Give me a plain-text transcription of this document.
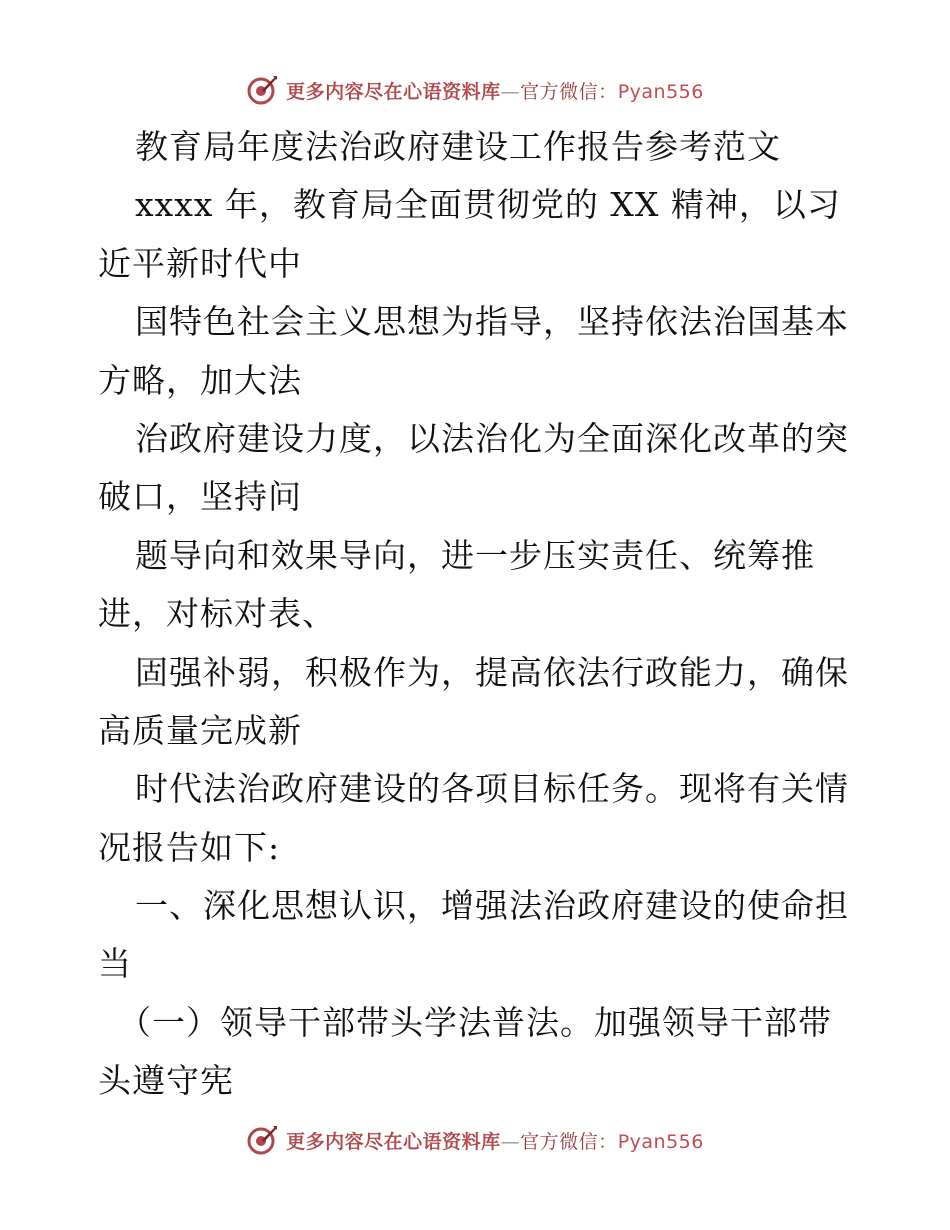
更多内容尽在心语资料库—官方微信：Pyan556
教育局年度法治政府建设工作报告参考范文
xxxx 年，教育局全面贯彻党的 XX 精神，以习
近平新时代中
国特色社会主义思想为指导，坚持依法治国基本
方略，加大法
治政府建设力度，以法治化为全面深化改革的突
破口，坚持问
题导向和效果导向，进一步压实责任、统筹推
进，对标对表、
固强补弱，积极作为，提高依法行政能力，确保
高质量完成新
时代法治政府建设的各项目标任务。现将有关情
况报告如下:
一、深化思想认识，增强法治政府建设的使命担
当
（一）领导干部带头学法普法。加强领导干部带
头遵守宪
更多内容尽在心语资料库—官方微信：Pyan556
